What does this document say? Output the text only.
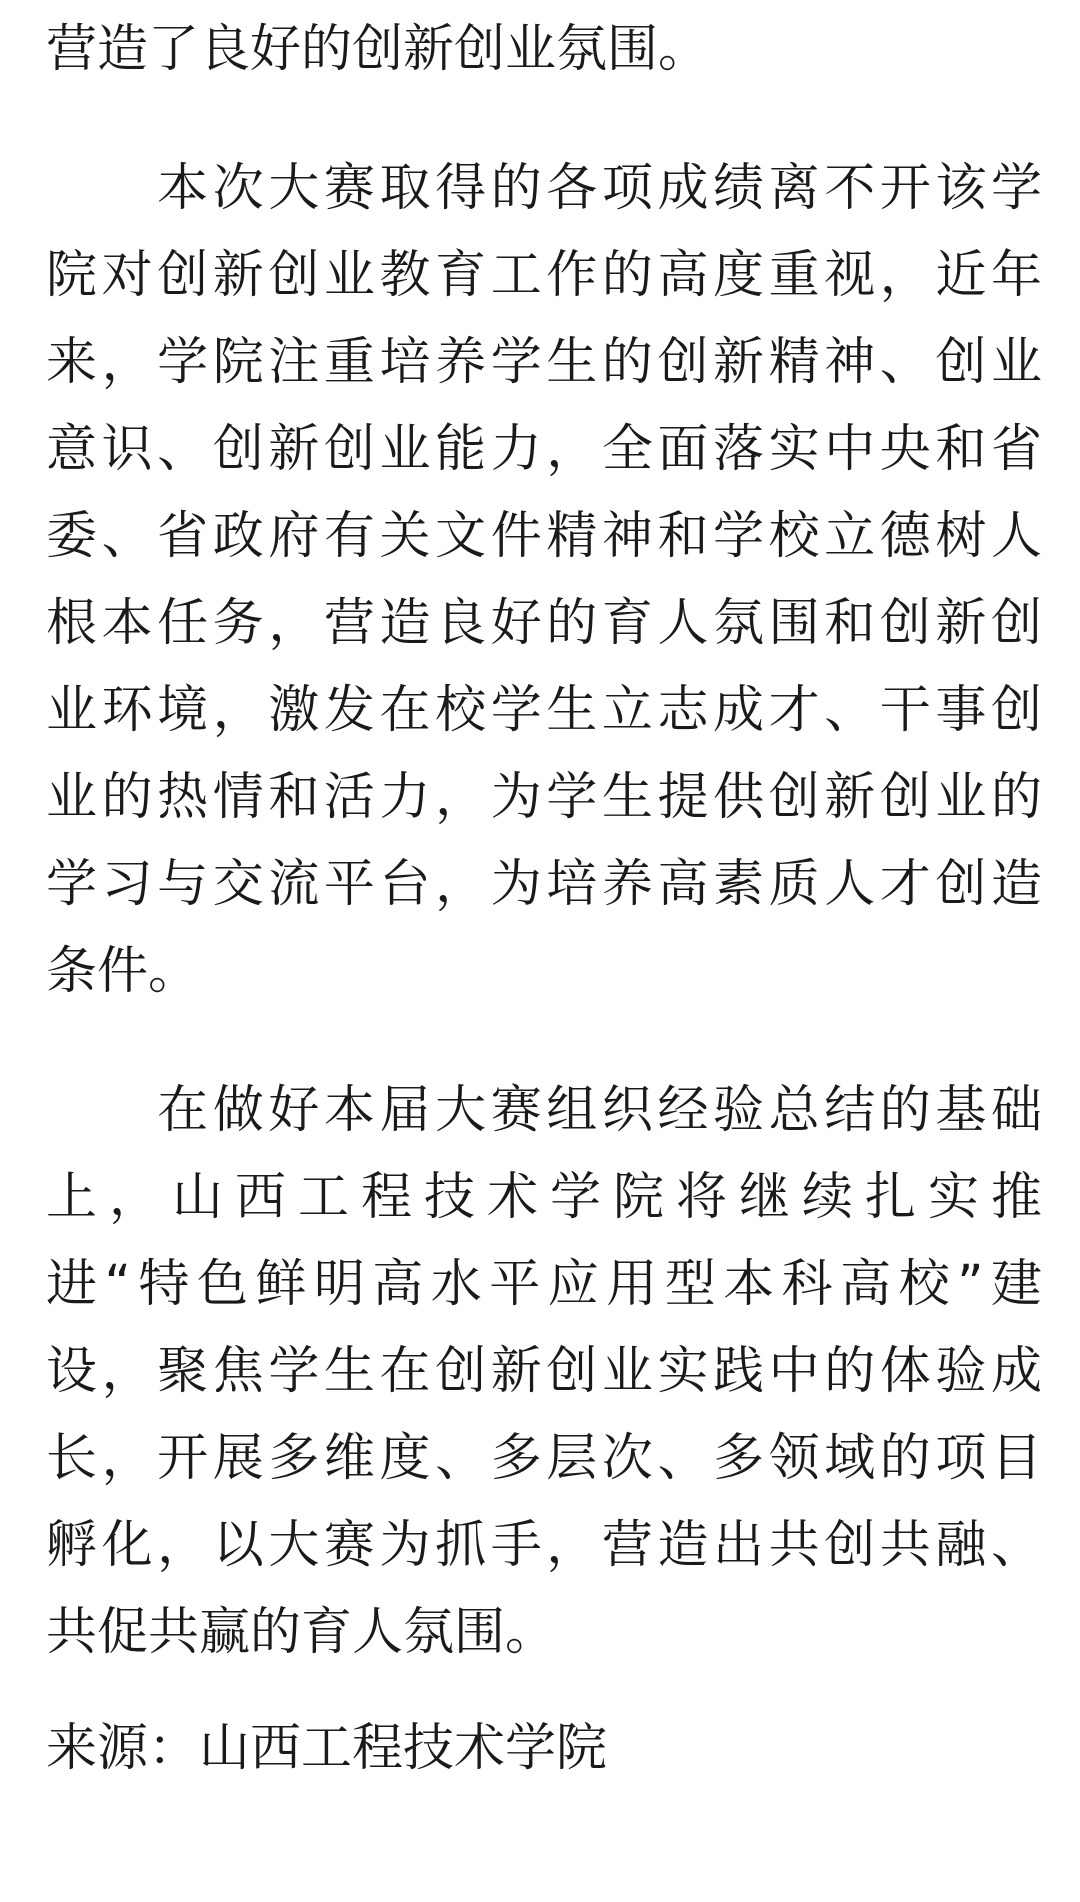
营造了良好的创新创业氛围。
　　本次大赛取得的各项成绩离不开该学
院对创新创业教育工作的高度重视，近年
来，学院注重培养学生的创新精神、创业
意识、创新创业能力，全面落实中央和省
委、省政府有关文件精神和学校立德树人
根本任务，营造良好的育人氛围和创新创
业环境，激发在校学生立志成才、干事创
业的热情和活力，为学生提供创新创业的
学习与交流平台，为培养高素质人才创造
条件。
　　在做好本届大赛组织经验总结的基础
上，山西工程技术学院将继续扎实推
进“特色鲜明高水平应用型本科高校”建
设，聚焦学生在创新创业实践中的体验成
长，开展多维度、多层次、多领域的项目
孵化，以大赛为抓手，营造出共创共融、
共促共赢的育人氛围。
来源：山西工程技术学院
